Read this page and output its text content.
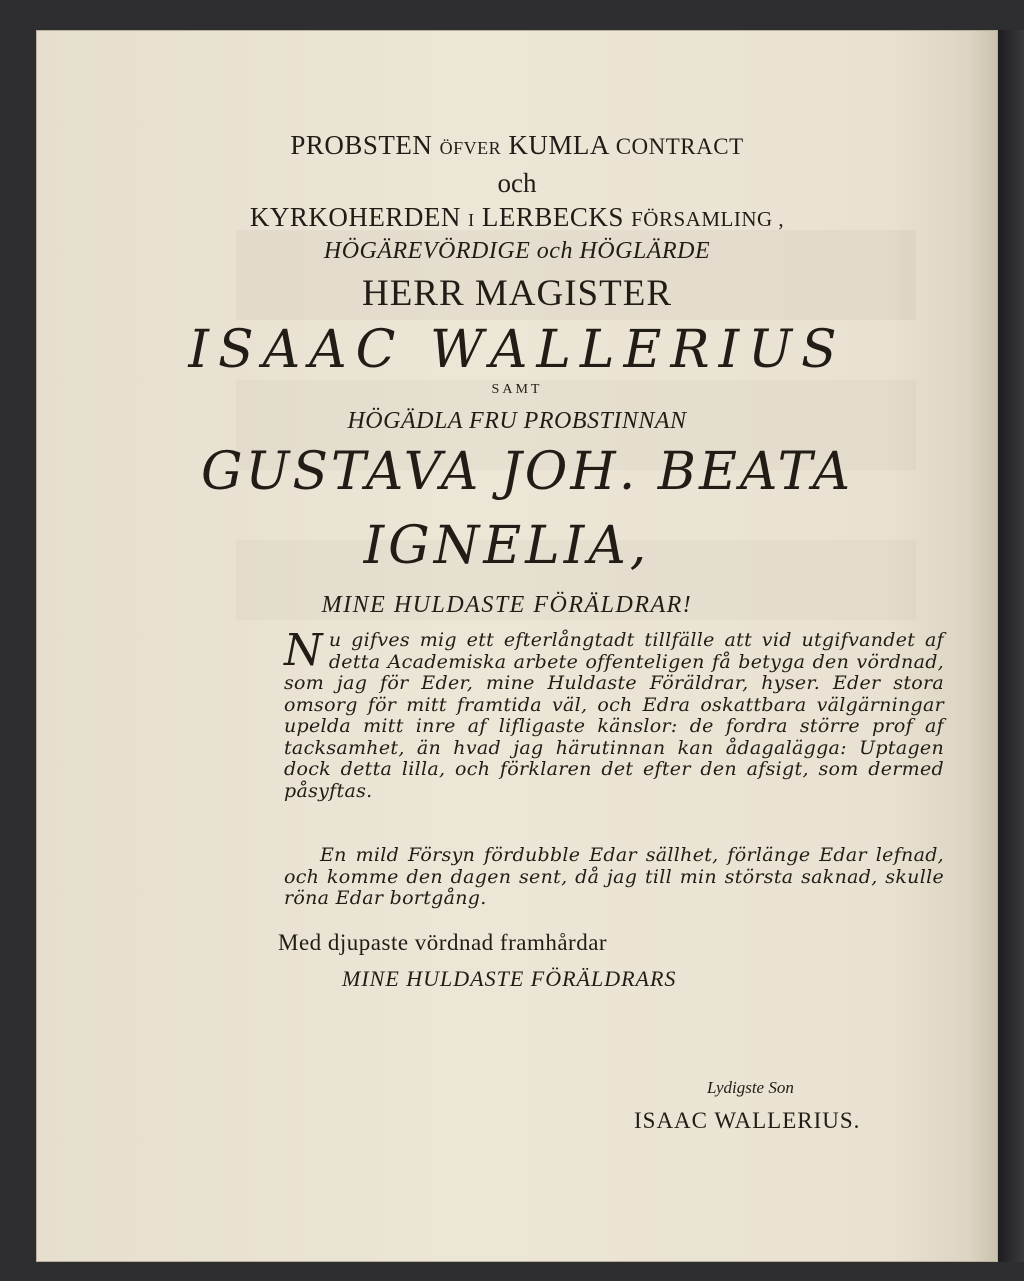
PROBSTEN ÖFVER KUMLA CONTRACT
och
KYRKOHERDEN I LERBECKS FÖRSAMLING ,
HÖGÄREVÖRDIGE och HÖGLÄRDE
HERR MAGISTER
ISAAC WALLERIUS
SAMT
HÖGÄDLA FRU PROBSTINNAN
GUSTAVA JOH. BEATA
IGNELIA,
MINE HULDASTE FÖRÄLDRAR!
Nu gifves mig ett efterlångtadt tillfälle att vid utgifvandet af detta Academiska arbete offenteligen få betyga den vördnad, som jag för Eder, mine Huldaste Föräldrar, hyser. Eder stora omsorg för mitt framtida väl, och Edra oskattbara välgärningar upelda mitt inre af lifligaste känslor: de fordra större prof af tacksamhet, än hvad jag härutinnan kan ådagalägga: Uptagen dock detta lilla, och förklaren det efter den afsigt, som dermed påsyftas.
En mild Försyn fördubble Edar sällhet, förlänge Edar lefnad, och komme den dagen sent, då jag till min största saknad, skulle röna Edar bortgång.
Med djupaste vördnad framhårdar
MINE HULDASTE FÖRÄLDRARS
Lydigste Son
ISAAC WALLERIUS.
